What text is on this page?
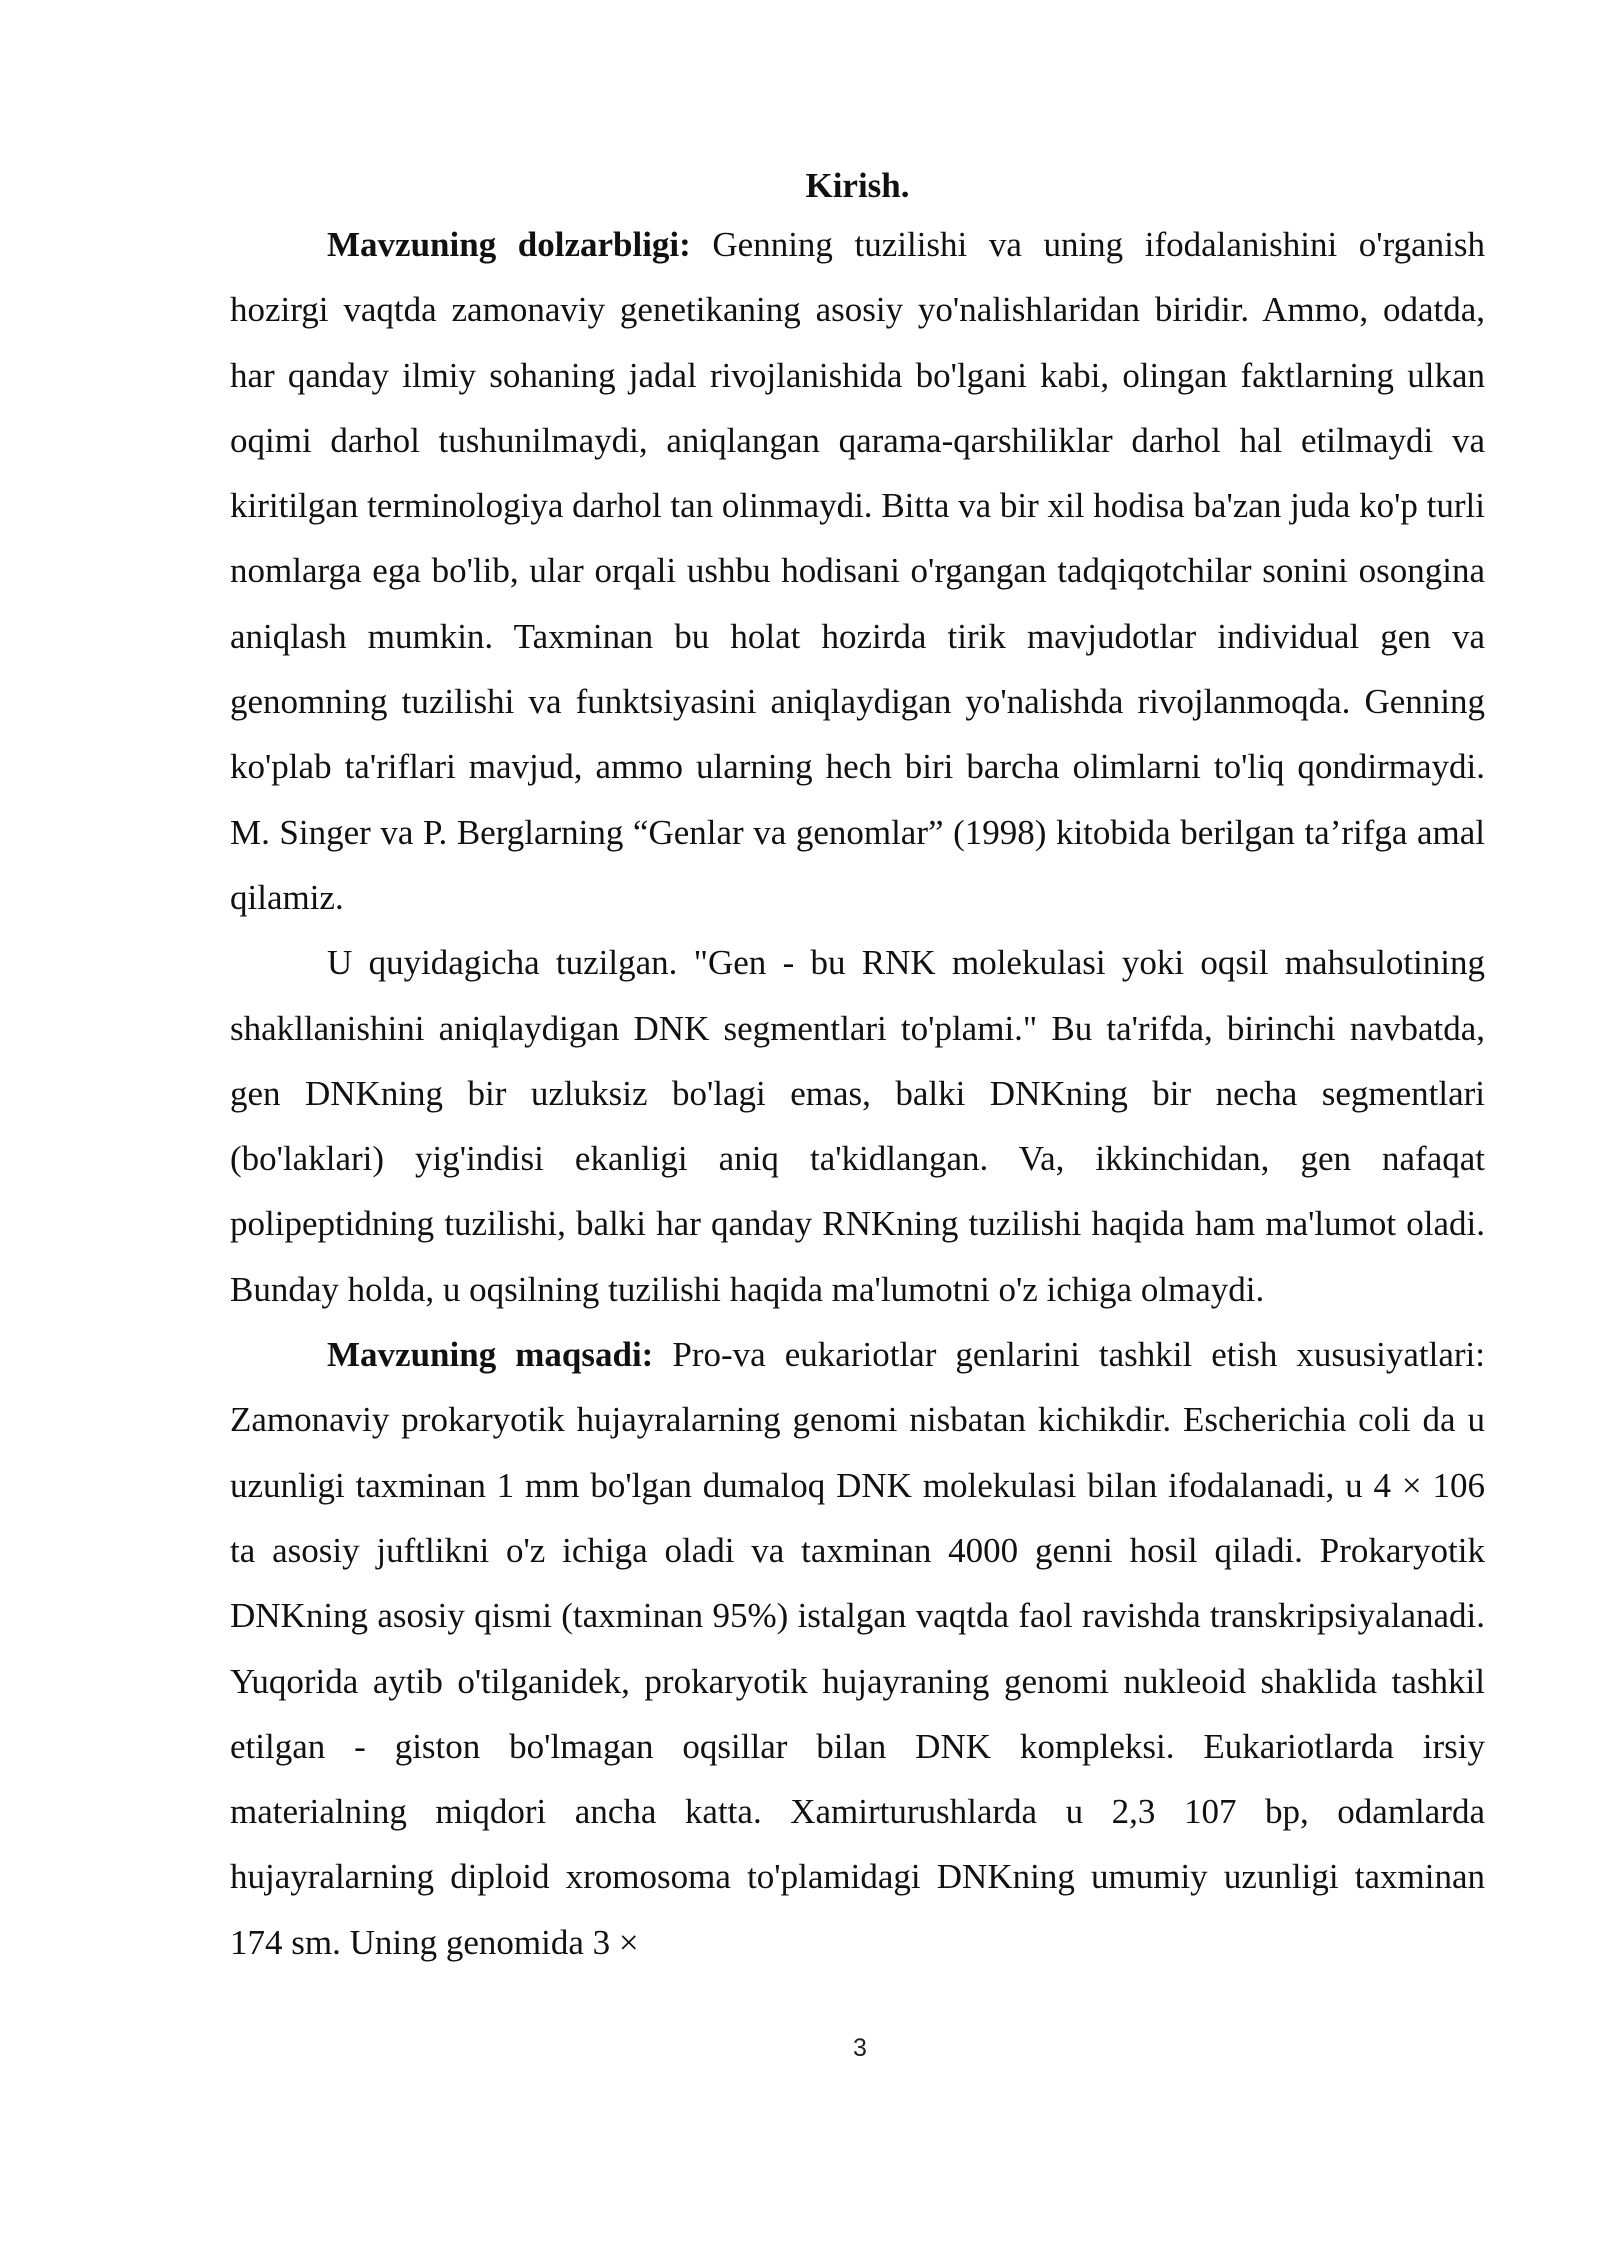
Kirish.

Mavzuning dolzarbligi: Genning tuzilishi va uning ifodalanishini o'rganish hozirgi vaqtda zamonaviy genetikaning asosiy yo'nalishlaridan biridir. Ammo, odatda, har qanday ilmiy sohaning jadal rivojlanishida bo'lgani kabi, olingan faktlarning ulkan oqimi darhol tushunilmaydi, aniqlangan qarama-qarshiliklar darhol hal etilmaydi va kiritilgan terminologiya darhol tan olinmaydi. Bitta va bir xil hodisa ba'zan juda ko'p turli nomlarga ega bo'lib, ular orqali ushbu hodisani o'rgangan tadqiqotchilar sonini osongina aniqlash mumkin. Taxminan bu holat hozirda tirik mavjudotlar individual gen va genomning tuzilishi va funktsiyasini aniqlaydigan yo'nalishda rivojlanmoqda. Genning ko'plab ta'riflari mavjud, ammo ularning hech biri barcha olimlarni to'liq qondirmaydi. M. Singer va P. Berglarning “Genlar va genomlar” (1998) kitobida berilgan ta’rifga amal qilamiz.

U quyidagicha tuzilgan. "Gen - bu RNK molekulasi yoki oqsil mahsulotining shakllanishini aniqlaydigan DNK segmentlari to'plami." Bu ta'rifda, birinchi navbatda, gen DNKning bir uzluksiz bo'lagi emas, balki DNKning bir necha segmentlari (bo'laklari) yig'indisi ekanligi aniq ta'kidlangan. Va, ikkinchidan, gen nafaqat polipeptidning tuzilishi, balki har qanday RNKning tuzilishi haqida ham ma'lumot oladi. Bunday holda, u oqsilning tuzilishi haqida ma'lumotni o'z ichiga olmaydi.

Mavzuning maqsadi: Pro-va eukariotlar genlarini tashkil etish xususiyatlari: Zamonaviy prokaryotik hujayralarning genomi nisbatan kichikdir. Escherichia coli da u uzunligi taxminan 1 mm bo'lgan dumaloq DNK molekulasi bilan ifodalanadi, u 4 × 106 ta asosiy juftlikni o'z ichiga oladi va taxminan 4000 genni hosil qiladi. Prokaryotik DNKning asosiy qismi (taxminan 95%) istalgan vaqtda faol ravishda transkripsiyalanadi. Yuqorida aytib o'tilganidek, prokaryotik hujayraning genomi nukleoid shaklida tashkil etilgan - giston bo'lmagan oqsillar bilan DNK kompleksi. Eukariotlarda irsiy materialning miqdori ancha katta. Xamirturushlarda u 2,3 107 bp, odamlarda hujayralarning diploid xromosoma to'plamidagi DNKning umumiy uzunligi taxminan 174 sm. Uning genomida 3 ×

3
